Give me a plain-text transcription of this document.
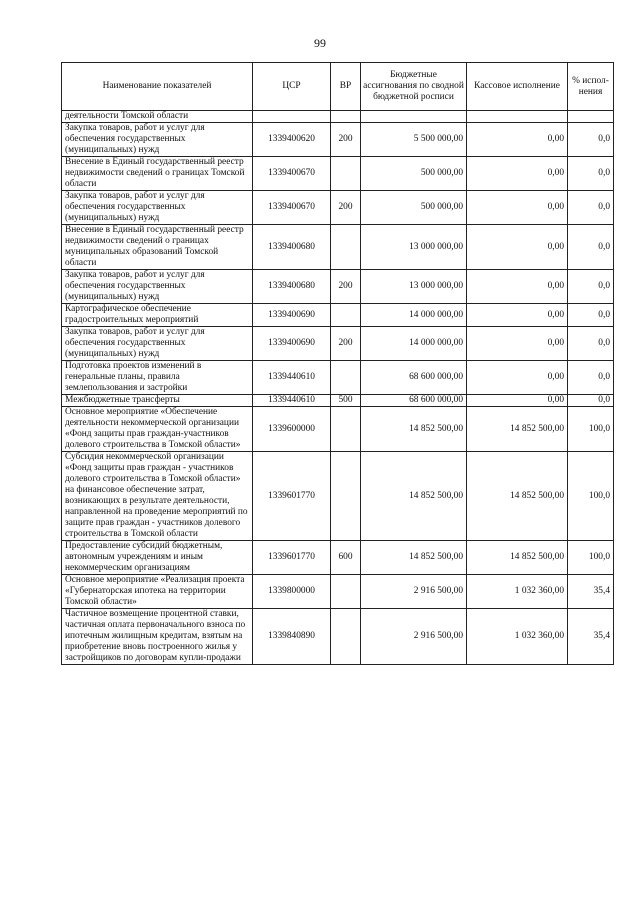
99
Наименование показателей	ЦСР	ВР	Бюджетные ассигнования по сводной бюджетной росписи	Кассовое исполнение	% испол-нения
деятельности Томской области					
Закупка товаров, работ и услуг для обеспечения государственных (муниципальных) нужд	1339400620	200	5 500 000,00	0,00	0,0
Внесение в Единый государственный реестр недвижимости сведений о границах Томской области	1339400670		500 000,00	0,00	0,0
Закупка товаров, работ и услуг для обеспечения государственных (муниципальных) нужд	1339400670	200	500 000,00	0,00	0,0
Внесение в Единый государственный реестр недвижимости сведений о границах муниципальных образований Томской области	1339400680		13 000 000,00	0,00	0,0
Закупка товаров, работ и услуг для обеспечения государственных (муниципальных) нужд	1339400680	200	13 000 000,00	0,00	0,0
Картографическое обеспечение градостроительных мероприятий	1339400690		14 000 000,00	0,00	0,0
Закупка товаров, работ и услуг для обеспечения государственных (муниципальных) нужд	1339400690	200	14 000 000,00	0,00	0,0
Подготовка проектов изменений в генеральные планы, правила землепользования и застройки	1339440610		68 600 000,00	0,00	0,0
Межбюджетные трансферты	1339440610	500	68 600 000,00	0,00	0,0
Основное мероприятие «Обеспечение деятельности некоммерческой организации «Фонд защиты прав граждан-участников долевого строительства в Томской области»	1339600000		14 852 500,00	14 852 500,00	100,0
Субсидия некоммерческой организации «Фонд защиты прав граждан - участников долевого строительства в Томской области» на финансовое обеспечение затрат, возникающих в результате деятельности, направленной на проведение мероприятий по защите прав граждан - участников долевого строительства в Томской области	1339601770		14 852 500,00	14 852 500,00	100,0
Предоставление субсидий бюджетным, автономным учреждениям и иным некоммерческим организациям	1339601770	600	14 852 500,00	14 852 500,00	100,0
Основное мероприятие «Реализация проекта «Губернаторская ипотека на территории Томской области»	1339800000		2 916 500,00	1 032 360,00	35,4
Частичное возмещение процентной ставки, частичная оплата первоначального взноса по ипотечным жилищным кредитам, взятым на приобретение вновь построенного жилья у застройщиков по договорам купли-продажи	1339840890		2 916 500,00	1 032 360,00	35,4
